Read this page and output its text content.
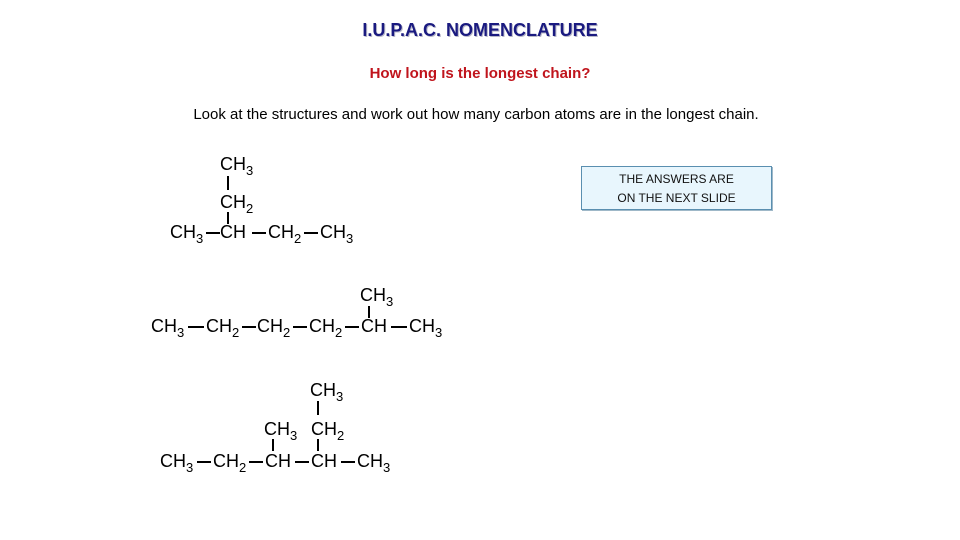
I.U.P.A.C. NOMENCLATURE
How long is the longest chain?
Look at the structures and work out how many carbon atoms are in the longest chain.
THE ANSWERS ARE
ON THE NEXT SLIDE
$CH_3$
$CH_2$
$CH_3$ CH $CH_2$ $CH_3$
$CH_3$
$CH_3$ $CH_2$ $CH_2$ $CH_2$ CH $CH_3$
$CH_3$
$CH_3$ $CH_2$
$CH_3$ $CH_2$ CH CH $CH_3$
